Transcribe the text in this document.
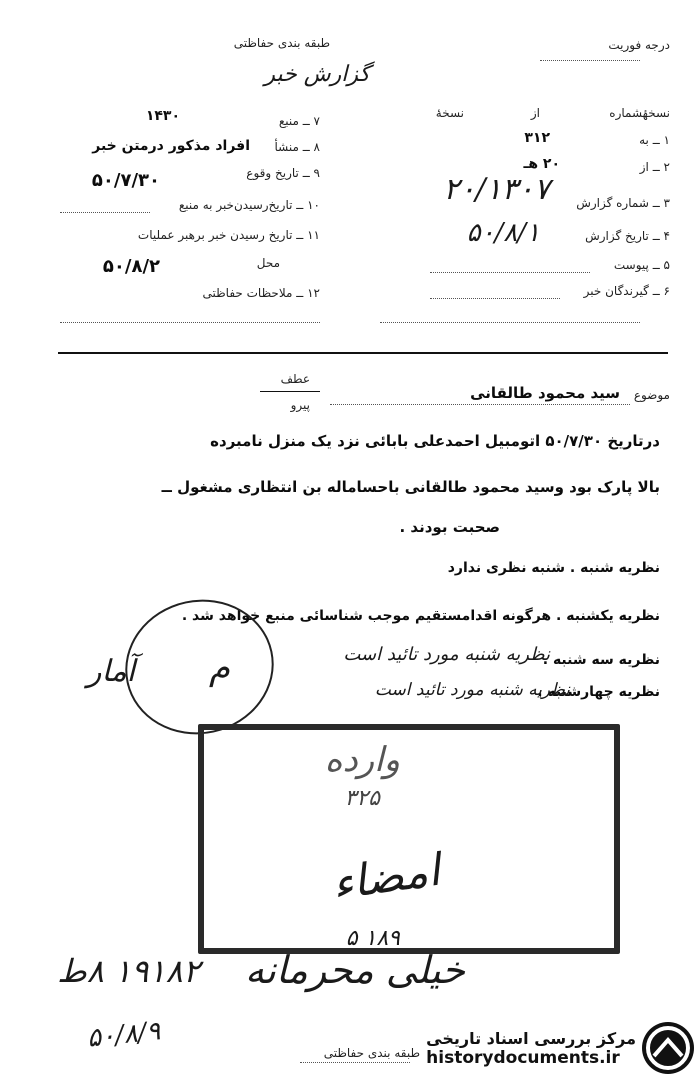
طبقه بندی حفاظتی	درجه فوریت
گزارش خبر
نسخهٔشماره
از
نسخهٔ
۱ ــ به
۳۱۲
۲ ــ از
۲۰ هـ
۳ ــ شماره گزارش
۲۰/۱۳۰۷
۴ ــ تاریخ گزارش
۵۰/۸/۱
۵ ــ پیوست
۶ ــ گیرندگان خبر
۷ ــ منبع
۱۴۳۰
۸ ــ منشأ
افراد مذکور درمتن خبر
۹ ــ تاریخ وقوع
۵۰/۷/۳۰
۱۰ ــ تاریخ‌رسیدن‌خبر به منبع
۱۱ ــ تاریخ رسیدن خبر برهبر عملیات
محل
۵۰/۸/۲
۱۲ ــ ملاحظات حفاظتی
عطف
پیرو
موضوع
سید محمود طالقانی
درتاریخ ۵۰/۷/۳۰ اتومبیل احمدعلی بابائی نزد یک منزل نامبرده
بالا پارک بود وسید محمود طالقانی باحساماله بن انتظاری مشغول ــ
صحبت بودند .
نظریه شنبه . شنبه نظری ندارد
نظریه یکشنبه . هرگونه اقدامستقیم موجب شناسائی منبع خواهد شد .
نظریه سه شنبه .
نظریه شنبه مورد تائید است
نظریه چهارشنبه .
نظریه شنبه مورد تائید است
آمار م
وارده
۳۲۵
امضاء
۱۸۹ ۵
۱۹۱۸۲ ۸ط خیلی محرمانه
۵۰/۸/۹	طبقه بندی حفاظتی
مرکز بررسی اسناد تاریخی
historydocuments.ir
